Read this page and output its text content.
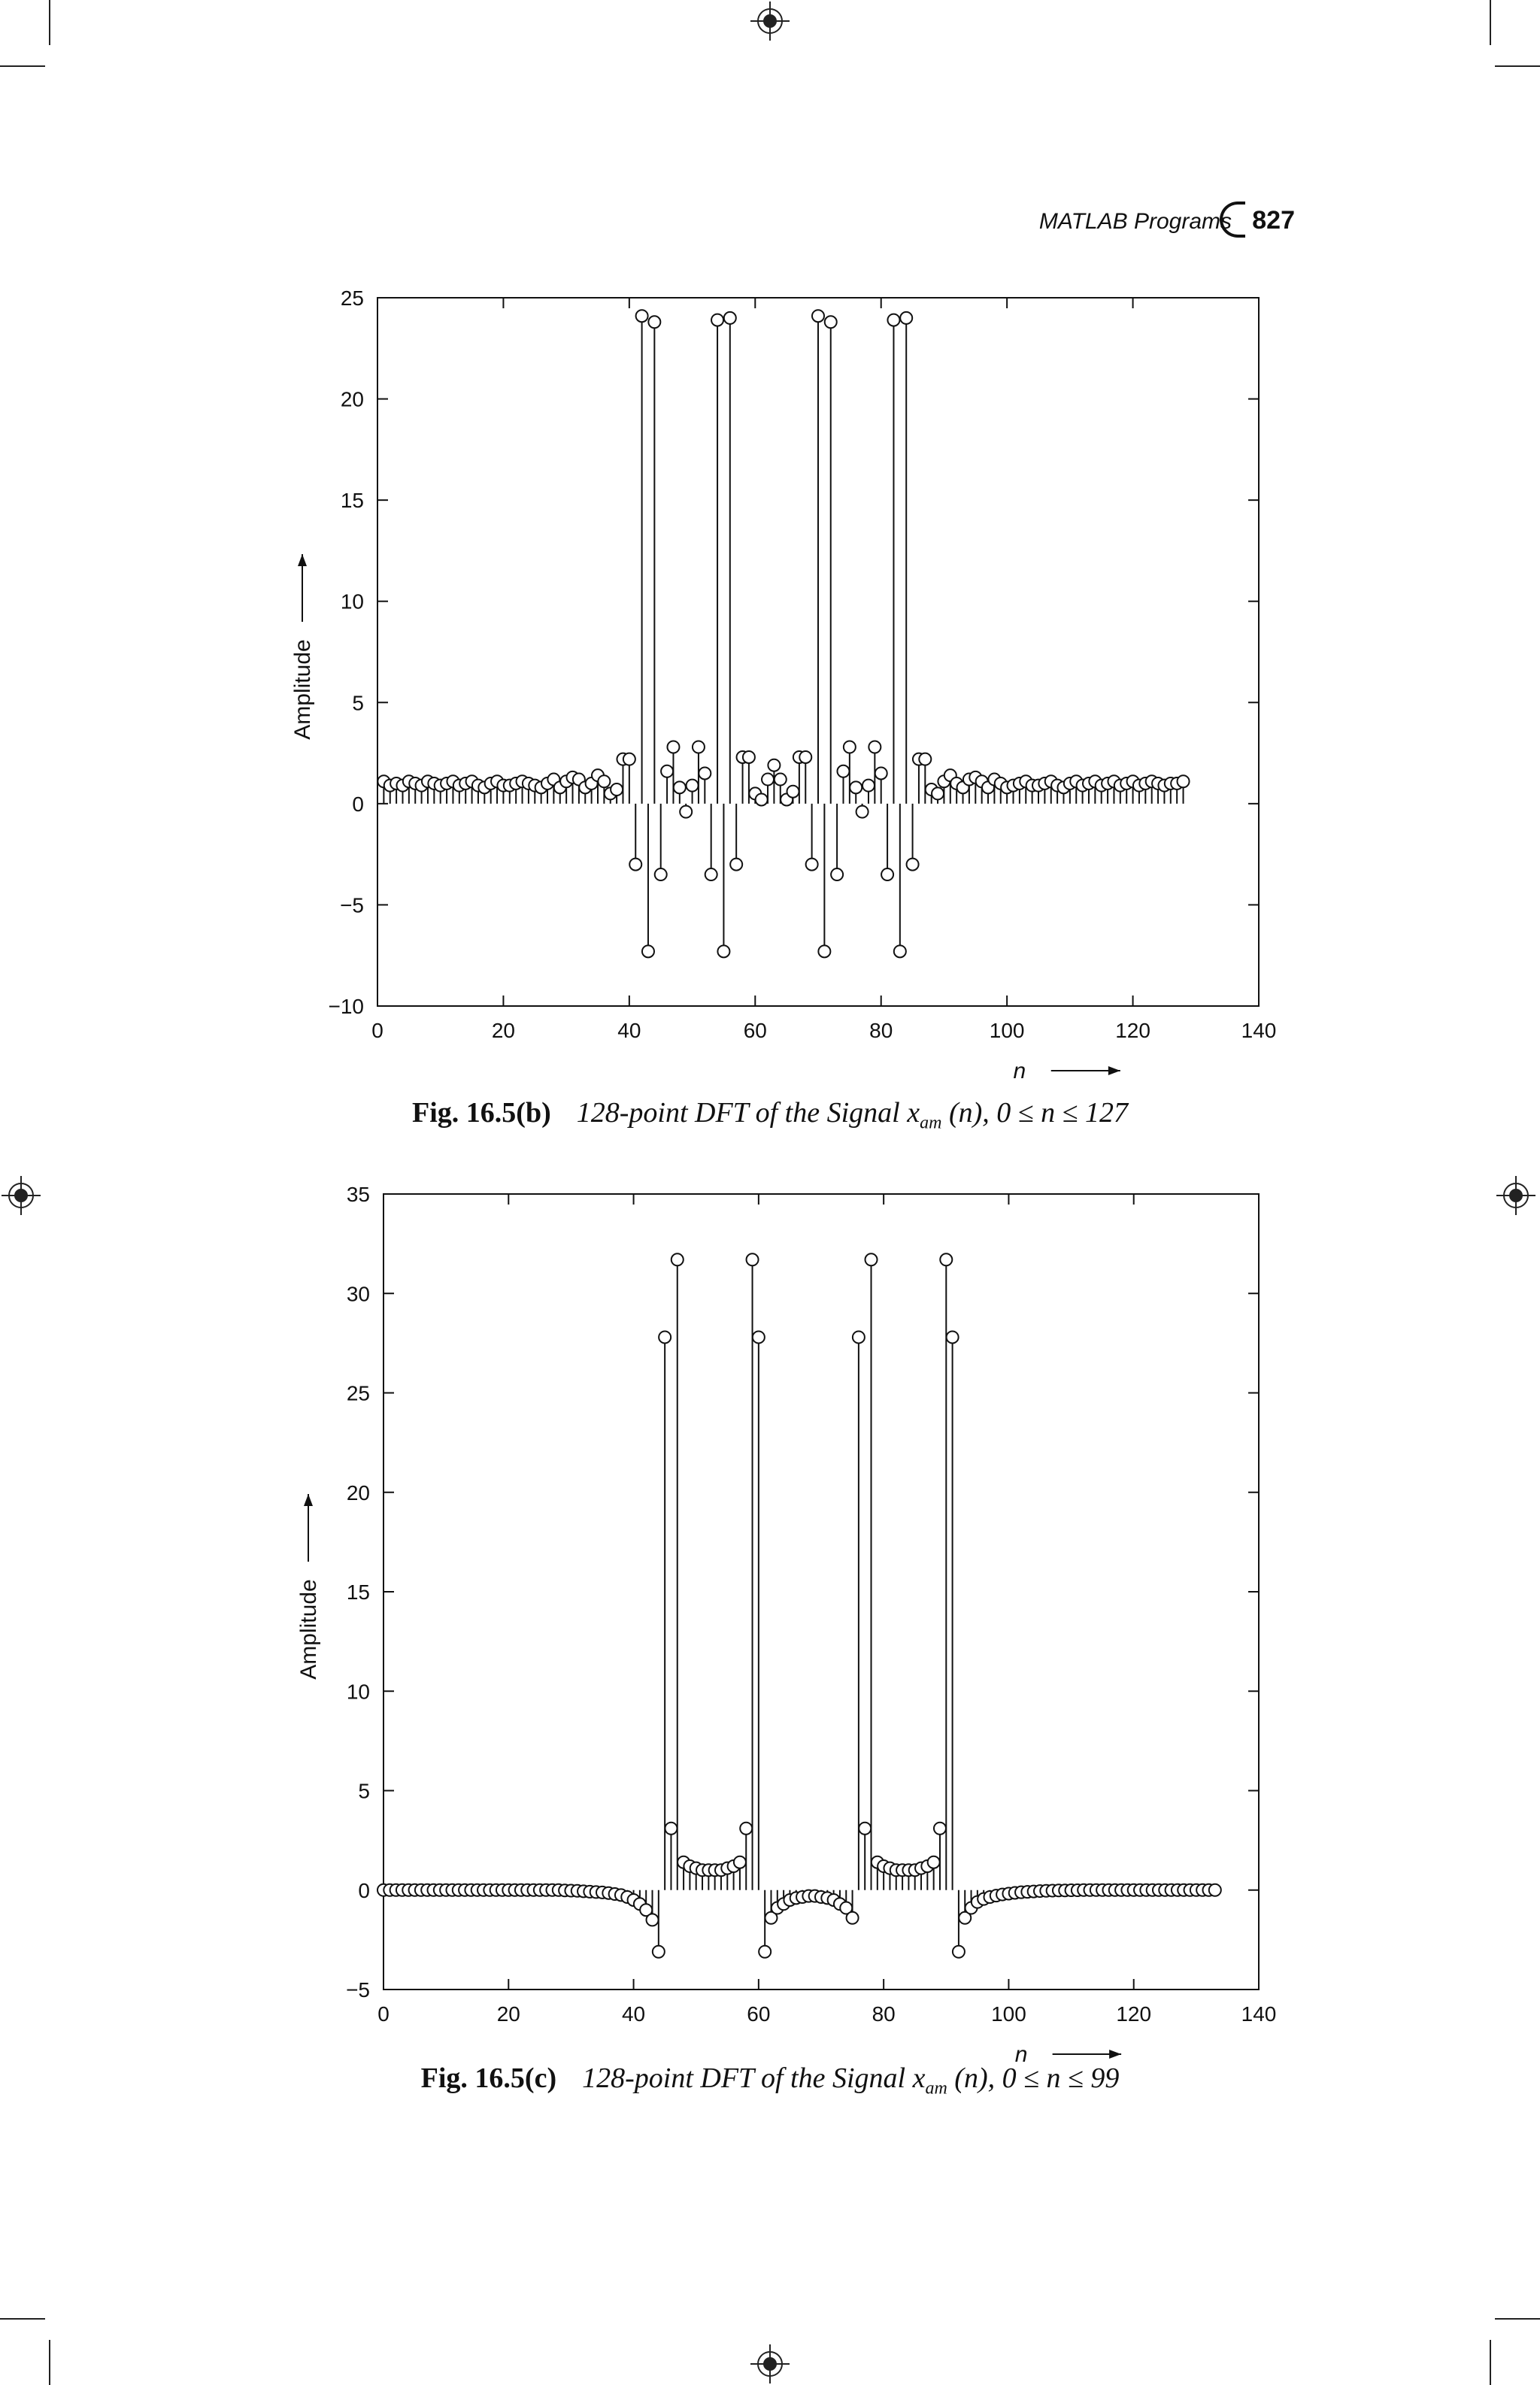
MATLAB Programs 827
0	20	40	60	80	100	120	140
−10
−5
0
5
10
15
20
25
n
Amplitude
0	20	40	60	80	100	120	140
−5
0
5
10
15
20
25
30
35
n
Amplitude
Fig. 16.5(b) 128-point DFT of the Signal $x_{am}$ (n), 0 ≤ n ≤ 127
Fig. 16.5(c) 128-point DFT of the Signal $x_{am}$ (n), 0 ≤ n ≤ 99
